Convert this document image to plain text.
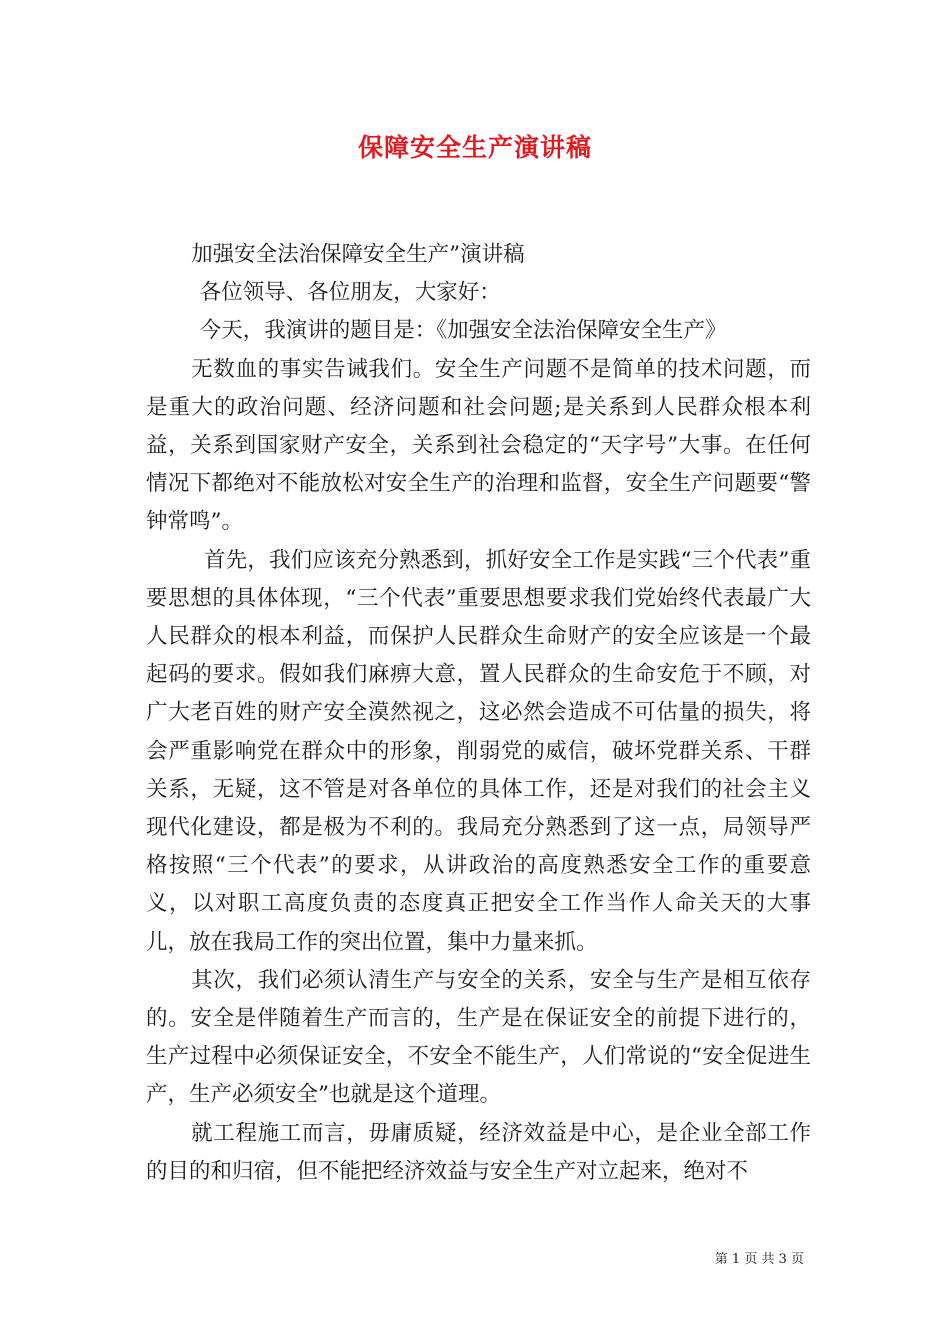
保障安全生产演讲稿

加强安全法治保障安全生产”演讲稿

各位领导、各位朋友，大家好：

今天，我演讲的题目是：《加强安全法治保障安全生产》

无数血的事实告诫我们。安全生产问题不是简单的技术问题，而是重大的政治问题、经济问题和社会问题;是关系到人民群众根本利益，关系到国家财产安全，关系到社会稳定的“天字号”大事。在任何情况下都绝对不能放松对安全生产的治理和监督，安全生产问题要“警钟常鸣”。

首先，我们应该充分熟悉到，抓好安全工作是实践“三个代表”重要思想的具体体现，“三个代表”重要思想要求我们党始终代表最广大人民群众的根本利益，而保护人民群众生命财产的安全应该是一个最起码的要求。假如我们麻痹大意，置人民群众的生命安危于不顾，对广大老百姓的财产安全漠然视之，这必然会造成不可估量的损失，将会严重影响党在群众中的形象，削弱党的威信，破坏党群关系、干群关系，无疑，这不管是对各单位的具体工作，还是对我们的社会主义现代化建设，都是极为不利的。我局充分熟悉到了这一点，局领导严格按照“三个代表”的要求，从讲政治的高度熟悉安全工作的重要意义，以对职工高度负责的态度真正把安全工作当作人命关天的大事儿，放在我局工作的突出位置，集中力量来抓。

其次，我们必须认清生产与安全的关系，安全与生产是相互依存的。安全是伴随着生产而言的，生产是在保证安全的前提下进行的，生产过程中必须保证安全，不安全不能生产，人们常说的“安全促进生产，生产必须安全”也就是这个道理。

就工程施工而言，毋庸质疑，经济效益是中心，是企业全部工作的目的和归宿，但不能把经济效益与安全生产对立起来，绝对不

第 1 页 共 3 页
